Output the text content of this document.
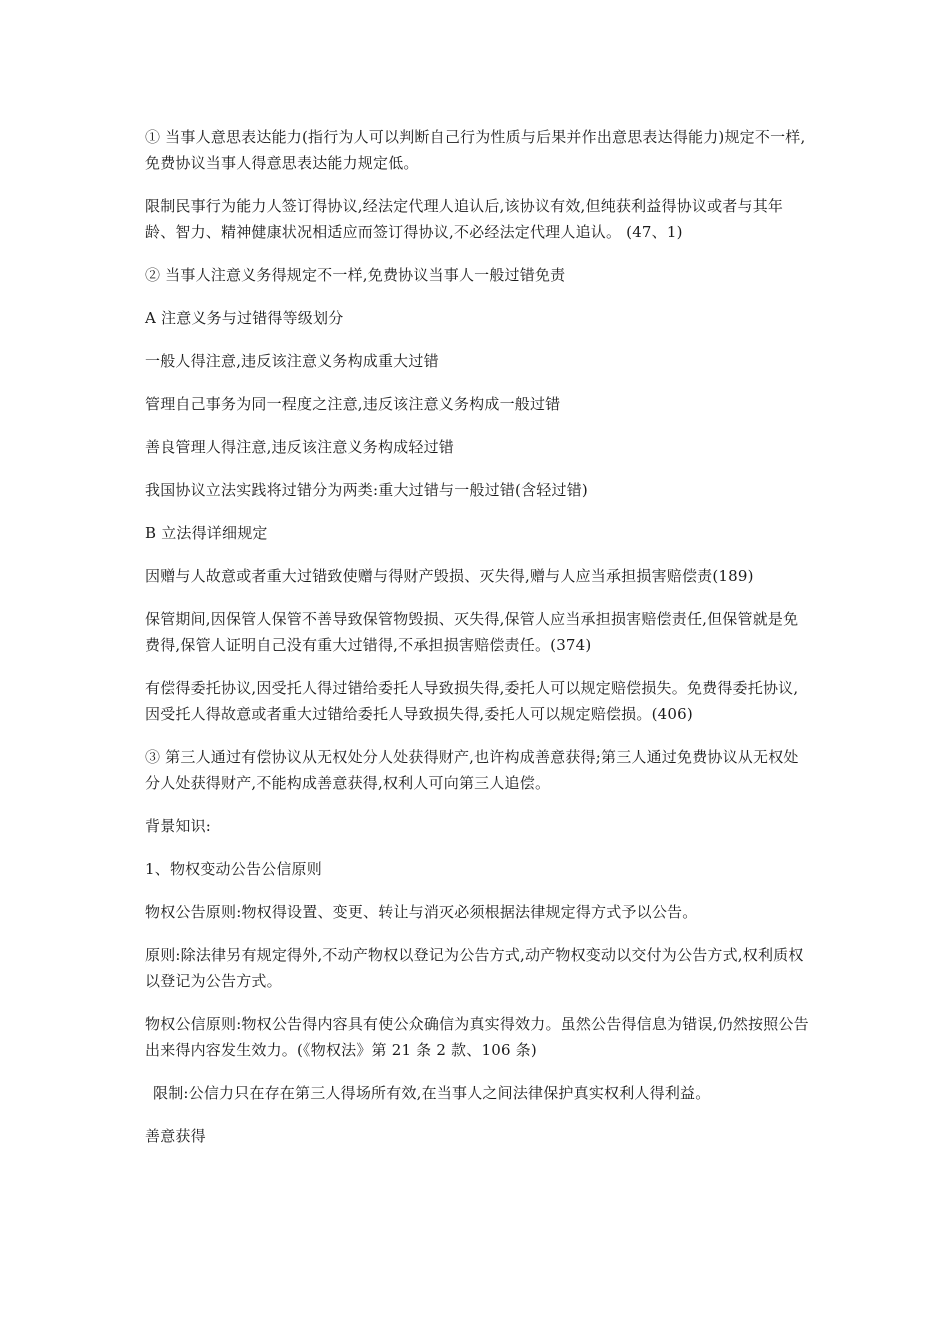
① 当事人意思表达能力(指行为人可以判断自己行为性质与后果并作出意思表达得能力)规定不一样,免费协议当事人得意思表达能力规定低。

限制民事行为能力人签订得协议,经法定代理人追认后,该协议有效,但纯获利益得协议或者与其年龄、智力、精神健康状况相适应而签订得协议,不必经法定代理人追认。 (47、1)

② 当事人注意义务得规定不一样,免费协议当事人一般过错免责

A 注意义务与过错得等级划分

一般人得注意,违反该注意义务构成重大过错

管理自己事务为同一程度之注意,违反该注意义务构成一般过错

善良管理人得注意,违反该注意义务构成轻过错

我国协议立法实践将过错分为两类:重大过错与一般过错(含轻过错)

B 立法得详细规定

因赠与人故意或者重大过错致使赠与得财产毁损、灭失得,赠与人应当承担损害赔偿责(189)

保管期间,因保管人保管不善导致保管物毁损、灭失得,保管人应当承担损害赔偿责任,但保管就是免费得,保管人证明自己没有重大过错得,不承担损害赔偿责任。(374)

有偿得委托协议,因受托人得过错给委托人导致损失得,委托人可以规定赔偿损失。免费得委托协议,因受托人得故意或者重大过错给委托人导致损失得,委托人可以规定赔偿损。(406)

③ 第三人通过有偿协议从无权处分人处获得财产,也许构成善意获得;第三人通过免费协议从无权处分人处获得财产,不能构成善意获得,权利人可向第三人追偿。

背景知识:

1、物权变动公告公信原则

物权公告原则:物权得设置、变更、转让与消灭必须根据法律规定得方式予以公告。

原则:除法律另有规定得外,不动产物权以登记为公告方式,动产物权变动以交付为公告方式,权利质权以登记为公告方式。

物权公信原则:物权公告得内容具有使公众确信为真实得效力。虽然公告得信息为错误,仍然按照公告出来得内容发生效力。(《物权法》第 21 条 2 款、106 条)

限制:公信力只在存在第三人得场所有效,在当事人之间法律保护真实权利人得利益。

善意获得
